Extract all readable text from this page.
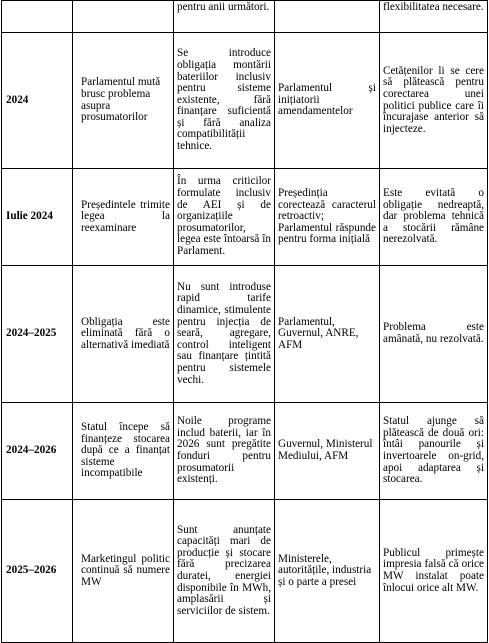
		pentru anii următori.		flexibilitatea necesare.
2024	Parlamentul mută brusc problema asupra prosumatorilor	Se introduce obligația montării bateriilor inclusiv pentru sisteme existente, fără finanțare suficientă și fără analiza compatibilității tehnice.	Parlamentul și inițiatorii amendamentelor	Cetățenilor li se cere să plătească pentru corectarea unei politici publice care îi încurajase anterior să injecteze.
Iulie 2024	Președintele trimite legea la reexaminare	În urma criticilor formulate inclusiv de AEI și de organizațiile prosumatorilor, legea este întoarsă în Parlament.	Președinția corectează caracterul retroactiv; Parlamentul răspunde pentru forma inițială	Este evitată o obligație nedreaptă, dar problema tehnică a stocării rămâne nerezolvată.
2024–2025	Obligația este eliminată fără o alternativă imediată	Nu sunt introduse rapid tarife dinamice, stimulente pentru injecția de seară, agregare, control inteligent sau finanțare țintită pentru sistemele vechi.	Parlamentul, Guvernul, ANRE, AFM	Problema este amânată, nu rezolvată.
2024–2026	Statul începe să finanțeze stocarea după ce a finanțat sisteme incompatibile	Noile programe includ baterii, iar în 2026 sunt pregătite fonduri pentru prosumatorii existenți.	Guvernul, Ministerul Mediului, AFM	Statul ajunge să plătească de două ori: întâi panourile și invertoarele on-grid, apoi adaptarea și stocarea.
2025–2026	Marketingul politic continuă să numere MW	Sunt anunțate capacități mari de producție și stocare fără precizarea duratei, energiei disponibile în MWh, amplasării și serviciilor de sistem.	Ministerele, autoritățile, industria și o parte a presei	Publicul primește impresia falsă că orice MW instalat poate înlocui orice alt MW.
